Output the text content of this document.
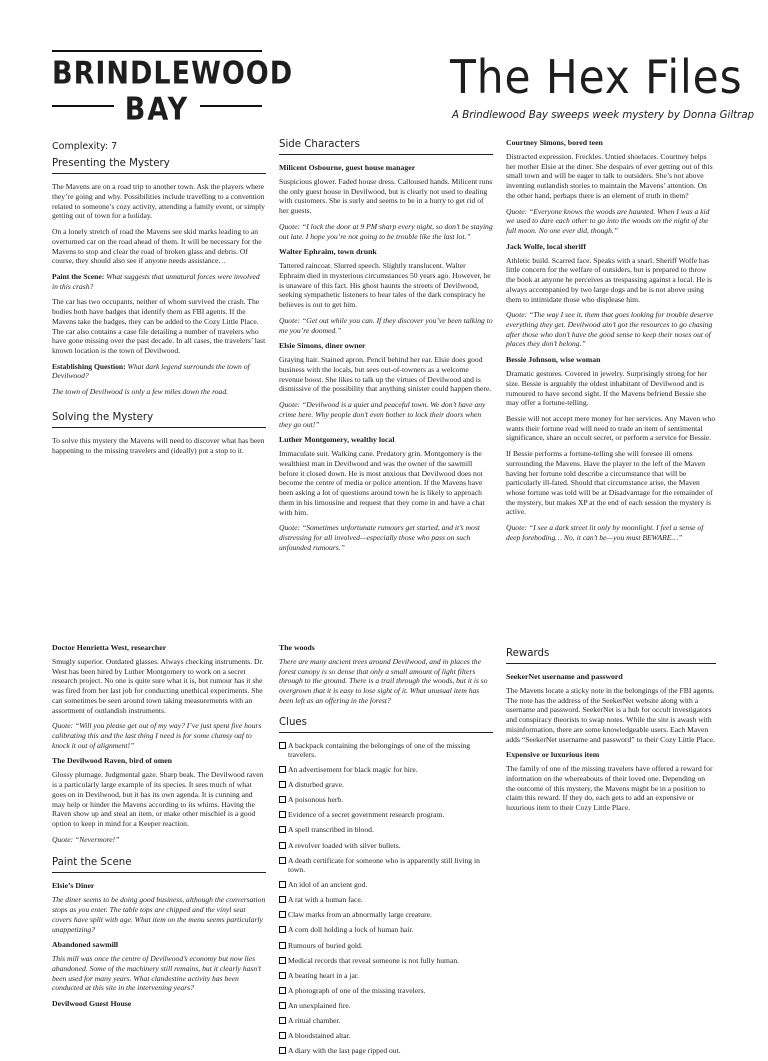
BRINDLEWOOD
BAY
The Hex Files
A Brindlewood Bay sweeps week mystery by Donna Giltrap
Complexity: 7
Presenting the Mystery

The Mavens are on a road trip to another town. Ask the players where they’re going and why. Possibilities include travelling to a convention related to someone’s cozy activity, attending a family event, or simply getting out of town for a holiday.

On a lonely stretch of road the Mavens see skid marks leading to an overturned car on the road ahead of them. It will be necessary for the Mavens to stop and clear the road of broken glass and debris. Of course, they should also see if anyone needs assistance…

Paint the Scene: What suggests that unnatural forces were involved in this crash?

The car has two occupants, neither of whom survived the crash. The bodies both have badges that identify them as FBI agents. If the Mavens take the badges, they can be added to the Cozy Little Place. The car also contains a case file detailing a number of travelers who have gone missing over the past decade. In all cases, the travelers’ last known location is the town of Devilwood.

Establishing Question: What dark legend surrounds the town of Devilwood?

The town of Devilwood is only a few miles down the road.

Solving the Mystery

To solve this mystery the Mavens will need to discover what has been happening to the missing travelers and (ideally) put a stop to it.

Side Characters
Milicent Osbourne, guest house manager

Suspicious glower. Faded house dress. Calloused hands. Milicent runs the only guest house in Devilwood, but is clearly not used to dealing with customers. She is surly and seems to be in a hurry to get rid of her guests.

Quote: “I lock the door at 9 PM sharp every night, so don’t be staying out late. I hope you’re not going to be trouble like the last lot.”

Walter Ephraim, town drunk

Tattered raincoat. Slurred speech. Slightly translucent. Walter Ephraim died in mysterious circumstances 50 years ago. However, he is unaware of this fact. His ghost haunts the streets of Devilwood, seeking sympathetic listeners to hear tales of the dark conspiracy he believes is out to get him.

Quote: “Get out while you can. If they discover you’ve been talking to me you’re doomed.”

Elsie Simons, diner owner

Graying hair. Stained apron. Pencil behind her ear. Elsie does good business with the locals, but sees out-of-towners as a welcome revenue boost. She likes to talk up the virtues of Devilwood and is dismissive of the possibility that anything sinister could happen there.

Quote: “Devilwood is a quiet and peaceful town. We don’t have any crime here. Why people don’t even bother to lock their doors when they go out!”

Luther Montgomery, wealthy local

Immaculate suit. Walking cane. Predatory grin. Montgomery is the wealthiest man in Devilwood and was the owner of the sawmill before it closed down. He is most anxious that Devilwood does not become the centre of media or police attention. If the Mavens have been asking a lot of questions around town he is likely to approach them in his limousine and request that they come in and have a chat with him.

Quote: “Sometimes unfortunate rumours get started, and it’s most distressing for all involved—especially those who pass on such unfounded rumours.”

Courtney Simons, bored teen

Distracted expression. Freckles. Untied shoelaces. Courtney helps her mother Elsie at the diner. She despairs of ever getting out of this small town and will be eager to talk to outsiders. She’s not above inventing outlandish stories to maintain the Mavens’ attention. On the other hand, perhaps there is an element of truth in them?

Quote: “Everyone knows the woods are haunted. When I was a kid we used to dare each other to go into the woods on the night of the full moon. No one ever did, though.”

Jack Wolfe, local sheriff

Athletic build. Scarred face. Speaks with a snarl. Sheriff Wolfe has little concern for the welfare of outsiders, but is prepared to throw the book at anyone he perceives as trespassing against a local. He is always accompanied by two large dogs and he is not above using them to intimidate those who displease him.

Quote: “The way I see it, them that goes looking for trouble deserve everything they get. Devilwood ain’t got the resources to go chasing after those who don’t have the good sense to keep their noses out of places they don’t belong.”

Bessie Johnson, wise woman

Dramatic gestures. Covered in jewelry. Surprisingly strong for her size. Bessie is arguably the oldest inhabitant of Devilwood and is rumoured to have second sight. If the Mavens befriend Bessie she may offer a fortune-telling.

Bessie will not accept mere money for her services. Any Maven who wants their fortune read will need to trade an item of sentimental significance, share an occult secret, or perform a service for Bessie.

If Bessie performs a fortune-telling she will foresee ill omens surrounding the Mavens. Have the player to the left of the Maven having her fortune told describe a circumstance that will be particularly ill-fated. Should that circumstance arise, the Maven whose fortune was told will be at Disadvantage for the remainder of the mystery, but makes XP at the end of each session the mystery is active.

Quote: “I see a dark street lit only by moonlight. I feel a sense of deep foreboding… No, it can’t be—you must BEWARE…”

Doctor Henrietta West, researcher

Smugly superior. Outdated glasses. Always checking instruments. Dr. West has been hired by Luther Montgomery to work on a secret research project. No one is quite sure what it is, but rumour has it she was fired from her last job for conducting unethical experiments. She can sometimes be seen around town taking measurements with an assortment of outlandish instruments.

Quote: “Will you please get out of my way? I’ve just spent five hours calibrating this and the last thing I need is for some clumsy oaf to knock it out of alignment!”

The Devilwood Raven, bird of omen

Glossy plumage. Judgmental gaze. Sharp beak. The Devilwood raven is a particularly large example of its species. It sees much of what goes on in Devilwood, but it has its own agenda. It is cunning and may help or hinder the Mavens according to its whims. Having the Raven show up and steal an item, or make other mischief is a good option to keep in mind for a Keeper reaction.

Quote: “Nevermore!”

Paint the Scene
Elsie’s Diner

The diner seems to be doing good business, although the conversation stops as you enter. The table tops are chipped and the vinyl seat covers have split with age. What item on the menu seems particularly unappetizing?

Abandoned sawmill

This mill was once the centre of Devilwood’s economy but now lies abandoned. Some of the machinery still remains, but it clearly hasn’t been used for many years. What clandestine activity has been conducted at this site in the intervening years?

Devilwood Guest House
The woods

There are many ancient trees around Devilwood, and in places the forest canopy is so dense that only a small amount of light filters through to the ground. There is a trail through the woods, but it is so overgrown that it is easy to lose sight of it. What unusual item has been left as an offering in the forest?

Clues
A backpack containing the belongings of one of the missing travelers.
An advertisement for black magic for hire.
A disturbed grave.
A poisonous herb.
Evidence of a secret government research program.
A spell transcribed in blood.
A revolver loaded with silver bullets.
A death certificate for someone who is apparently still living in town.
An idol of an ancient god.
A rat with a human face.
Claw marks from an abnormally large creature.
A corn doll holding a lock of human hair.
Rumours of buried gold.
Medical records that reveal someone is not fully human.
A beating heart in a jar.
A photograph of one of the missing travelers.
An unexplained fire.
A ritual chamber.
A bloodstained altar.
A diary with the last page ripped out.
Rewards
SeekerNet username and password

The Mavens locate a sticky note in the belongings of the FBI agents. The note has the address of the SeekerNet website along with a username and password. SeekerNet is a hub for occult investigators and conspiracy theorists to swap notes. While the site is awash with misinformation, there are some knowledgeable users. Each Maven adds “SeekerNet username and password” to their Cozy Little Place.

Expensive or luxurious item

The family of one of the missing travelers have offered a reward for information on the whereabouts of their loved one. Depending on the outcome of this mystery, the Mavens might be in a position to claim this reward. If they do, each gets to add an expensive or luxurious item to their Cozy Little Place.
